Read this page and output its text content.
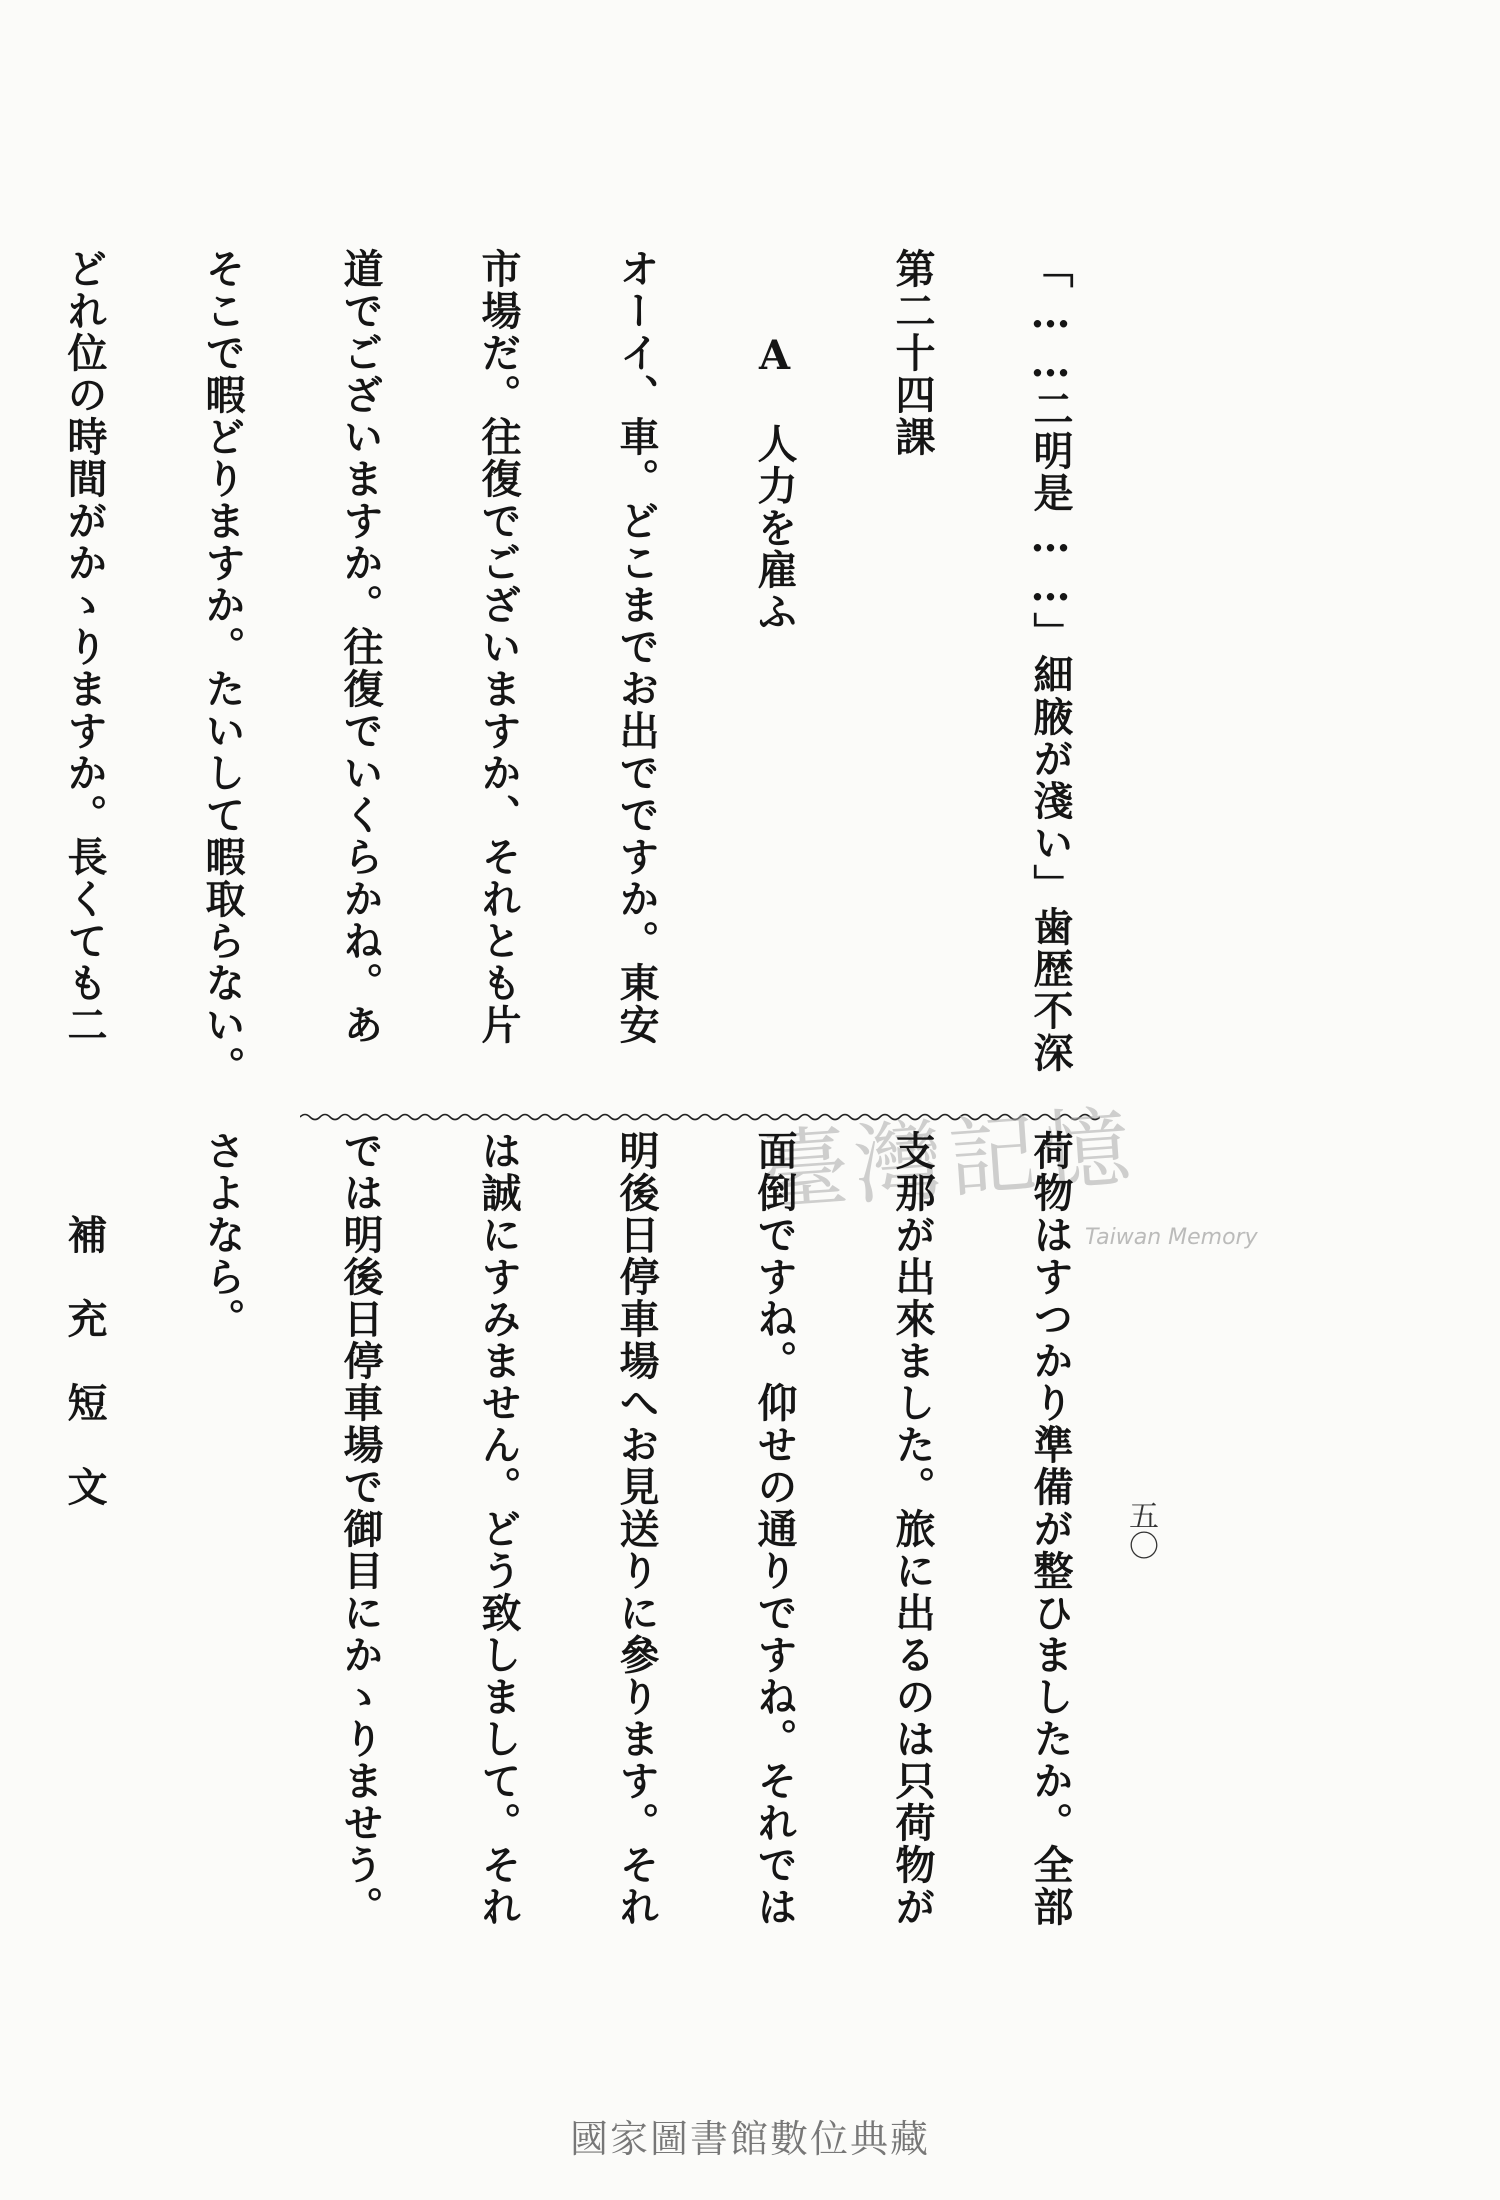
「……二明是……」細腋が淺い」歯歴不深

第二十四課

　　A　人力を雇ふ

オーイ、車。どこまでお出でですか。東安

市場だ。往復でございますか、それとも片

道でございますか。往復でいくらかね。あ

そこで暇どりますか。たいして暇取らない。

どれ位の時間がかゝりますか。長くても二

臺灣記憶
Taiwan Memory

荷物はすつかり準備が整ひましたか。全部

支那が出來ました。旅に出るのは只荷物が

面倒ですね。仰せの通りですね。それでは

明後日停車場へお見送りに參ります。それ

は誠にすみません。どう致しまして。それ

では明後日停車場で御目にかゝりませう。

さよなら。

　　補　充　短　文

五〇
國家圖書館數位典藏
